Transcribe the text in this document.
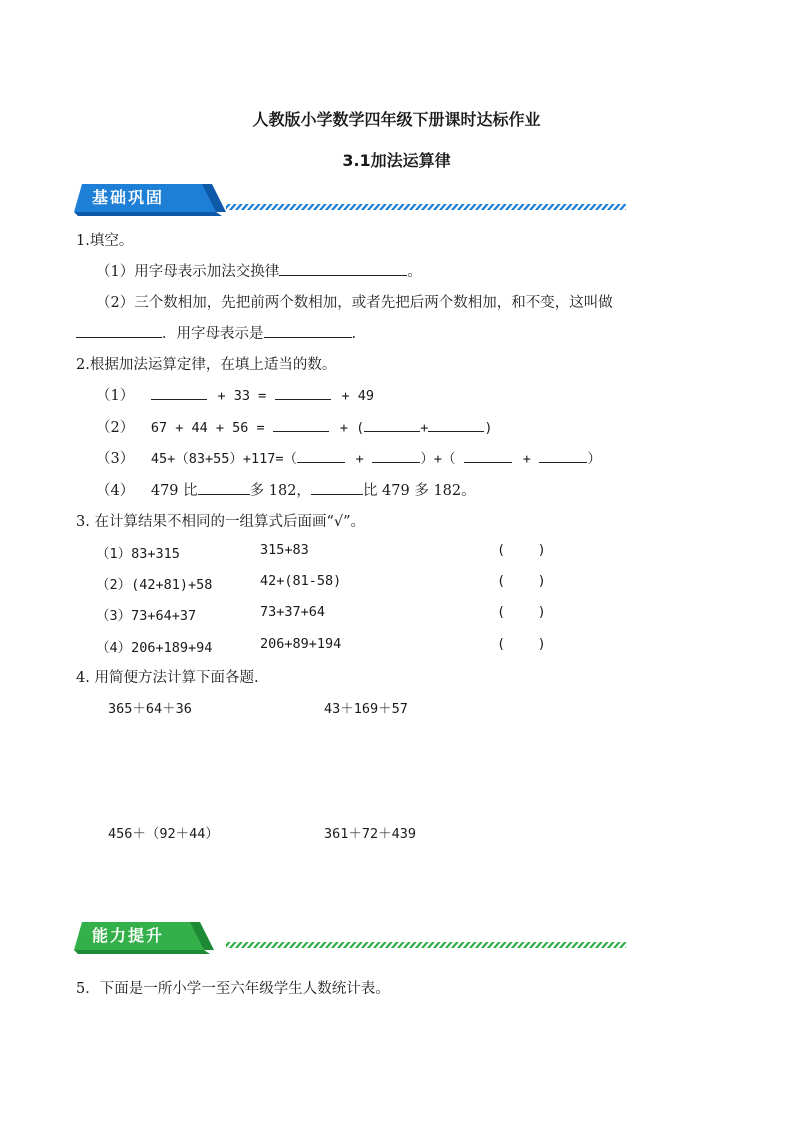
人教版小学数学四年级下册课时达标作业
3.1加法运算律
基础巩固
1.填空。
（1）用字母表示加法交换律	。
（2）三个数相加，先把前两个数相加，或者先把后两个数相加，和不变，这叫做
．用字母表示是	.
2.根据加法运算定律，在填上适当的数。
（1）	+ 33 =	+ 49
（2） 67 + 44 + 56 =	+ (	+	)
（3） 45+（83+55）+117=（	+	）+（	+	）
（4） 479 比	多 182，	比 479 多 182。
3. 在计算结果不相同的一组算式后面画“√”。
（1）83+315	315+83	(    )
（2）(42+81)+58	42+(81-58)	(    )
（3）73+64+37	73+37+64	(    )
（4）206+189+94	206+89+194	(    )
4. 用简便方法计算下面各题.
365＋64＋36	43＋169＋57
456＋（92＋44）	361＋72＋439
能力提升
5．下面是一所小学一至六年级学生人数统计表。
